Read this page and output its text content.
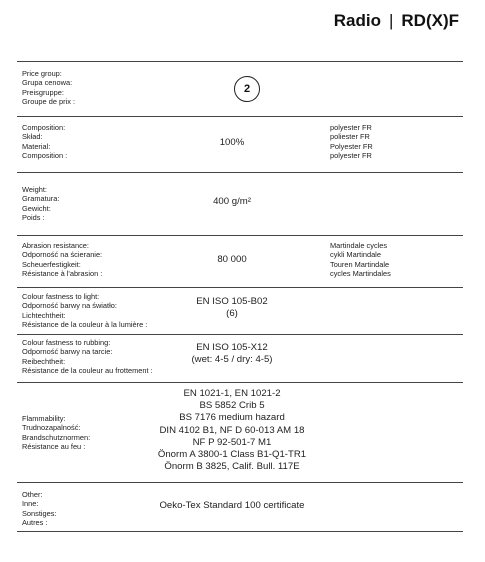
Radio | RD(X)F
Price group:
Grupa cenowa:
Preisgruppe:
Groupe de prix :
2
Composition:
Skład:
Material:
Composition :
100%
polyester FR
poliester FR
Polyester FR
polyester FR
Weight:
Gramatura:
Gewicht:
Poids :
400 g/m²
Abrasion resistance:
Odporność na ścieranie:
Scheuerfestigkeit:
Résistance à l'abrasion :
80 000
Martindale cycles
cykli Martindale
Touren Martindale
cycles Martindales
Colour fastness to light:
Odporność barwy na światło:
Lichtechtheit:
Résistance de la couleur à la lumière :
EN ISO 105-B02
(6)
Colour fastness to rubbing:
Odporność barwy na tarcie:
Reibechtheit:
Résistance de la couleur au frottement :
EN ISO 105-X12
(wet: 4-5 / dry: 4-5)
Flammability:
Trudnozapalność:
Brandschutznormen:
Résistance au feu :
EN 1021-1, EN 1021-2
BS 5852 Crib 5
BS 7176 medium hazard
DIN 4102 B1, NF D 60-013 AM 18
NF P 92-501-7 M1
Önorm A 3800-1 Class B1-Q1-TR1
Önorm B 3825, Calif. Bull. 117E
Other:
Inne:
Sonstiges:
Autres :
Oeko-Tex Standard 100 certificate
